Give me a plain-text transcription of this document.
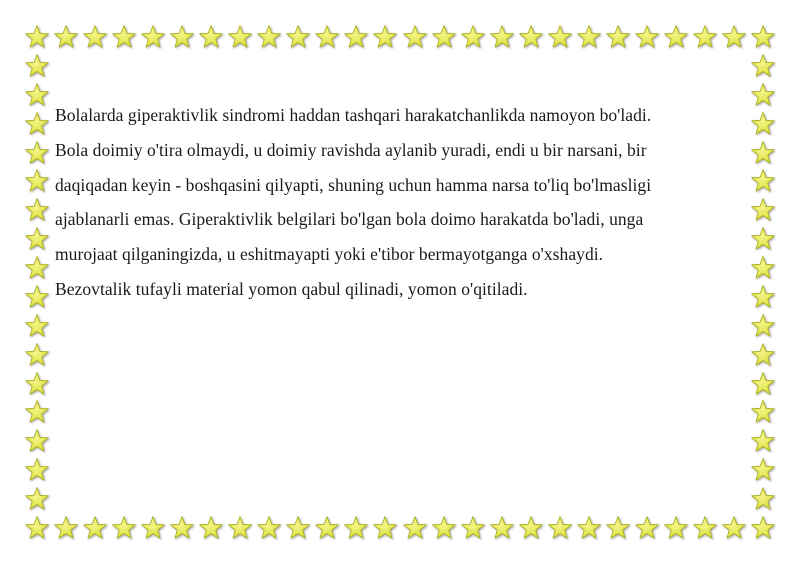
Bolalarda giperaktivlik sindromi haddan tashqari harakatchanlikda namoyon bo'ladi.
Bola doimiy o'tira olmaydi, u doimiy ravishda aylanib yuradi, endi u bir narsani, bir
daqiqadan keyin - boshqasini qilyapti, shuning uchun hamma narsa to'liq bo'lmasligi
ajablanarli emas. Giperaktivlik belgilari bo'lgan bola doimo harakatda bo'ladi, unga
murojaat qilganingizda, u eshitmayapti yoki e'tibor bermayotganga o'xshaydi.
Bezovtalik tufayli material yomon qabul qilinadi, yomon o'qitiladi.
